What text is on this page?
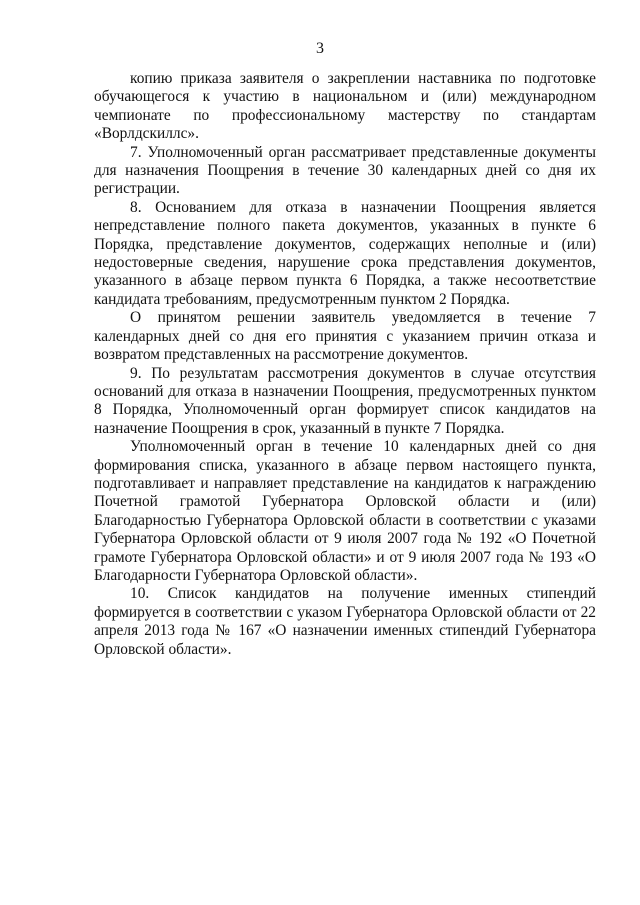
3

копию приказа заявителя о закреплении наставника по подготовке обучающегося к участию в национальном и (или) международном чемпионате по профессиональному мастерству по стандартам «Ворлдскиллс».

7. Уполномоченный орган рассматривает представленные документы для назначения Поощрения в течение 30 календарных дней со дня их регистрации.

8. Основанием для отказа в назначении Поощрения является непредставление полного пакета документов, указанных в пункте 6 Порядка, представление документов, содержащих неполные и (или) недостоверные сведения, нарушение срока представления документов, указанного в абзаце первом пункта 6 Порядка, а также несоответствие кандидата требованиям, предусмотренным пунктом 2 Порядка.

О принятом решении заявитель уведомляется в течение 7 календарных дней со дня его принятия с указанием причин отказа и возвратом представленных на рассмотрение документов.

9. По результатам рассмотрения документов в случае отсутствия оснований для отказа в назначении Поощрения, предусмотренных пунктом 8 Порядка, Уполномоченный орган формирует список кандидатов на назначение Поощрения в срок, указанный в пункте 7 Порядка.

Уполномоченный орган в течение 10 календарных дней со дня формирования списка, указанного в абзаце первом настоящего пункта, подготавливает и направляет представление на кандидатов к награждению Почетной грамотой Губернатора Орловской области и (или) Благодарностью Губернатора Орловской области в соответствии с указами Губернатора Орловской области от 9 июля 2007 года № 192 «О Почетной грамоте Губернатора Орловской области» и от 9 июля 2007 года № 193 «О Благодарности Губернатора Орловской области».

10. Список кандидатов на получение именных стипендий формируется в соответствии с указом Губернатора Орловской области от 22 апреля 2013 года № 167 «О назначении именных стипендий Губернатора Орловской области».
